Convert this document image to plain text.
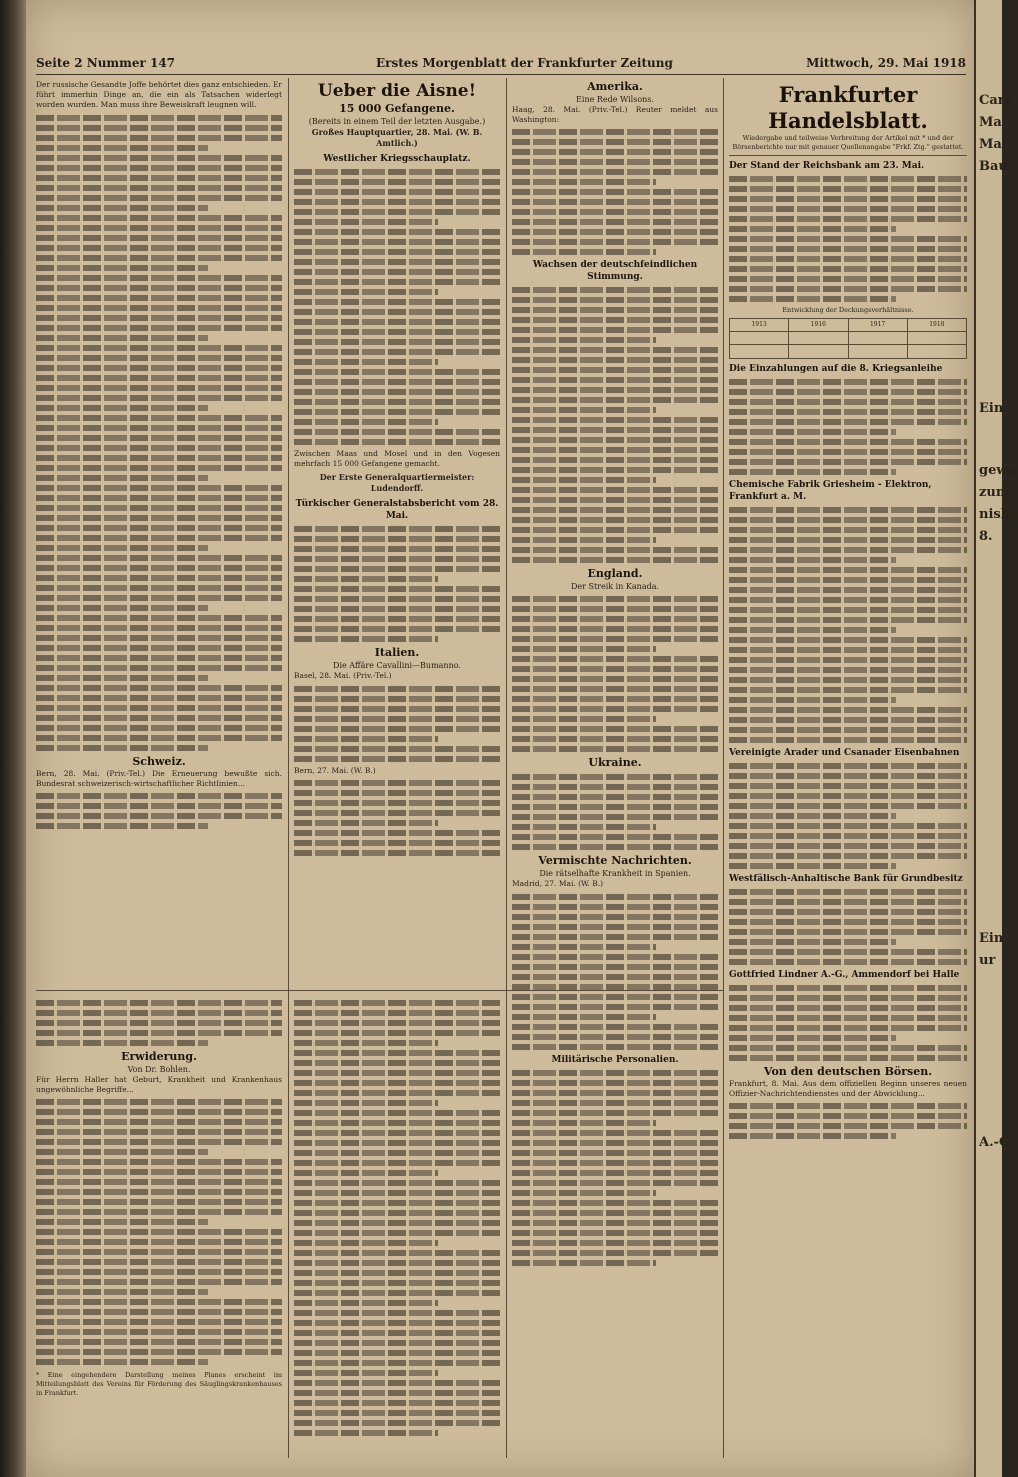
Seite 2 Nummer 147	Erstes Morgenblatt der Frankfurter Zeitung	Mittwoch, 29. Mai 1918
Der russische Gesandte Joffe behörtet dies ganz entschieden. Er führt immerhin Dinge an, die ein als Tatsachen widerlegt worden wurden. Man muss ihre Beweiskraft leugnen will.
Schweiz.
Bern, 28. Mai. (Priv.-Tel.) Die Erneuerung bewußte sich. Bundesrat schweizerisch-wirtschaftlicher Richtlinien...
Erwiderung.
Von Dr. Bohlen.
Für Herrn Haller hat Geburt, Krankheit und Krankenhaus ungewöhnliche Begriffe...
* Eine eingehendere Darstellung meines Planes erscheint im Mitteilungsblatt des Vereins für Förderung des Säuglingskrankenhauses in Frankfurt.
Ueber die Aisne!
15 000 Gefangene.
(Bereits in einem Teil der letzten Ausgabe.)
Großes Hauptquartier, 28. Mai. (W. B. Amtlich.)
Westlicher Kriegsschauplatz.
Zwischen Maas und Mosel und in den Vogesen mehrfach 15 000 Gefangene gemacht.
Der Erste Generalquartiermeister: Ludendorff.
Türkischer Generalstabsbericht vom 28. Mai.
Italien.
Die Affäre Cavallini—Bumanno.
Basel, 28. Mai. (Priv.-Tel.)
Bern, 27. Mai. (W. B.)
Amerika.
Eine Rede Wilsons.
Haag, 28. Mai. (Priv.-Tel.) Reuter meldet aus Washington:
Wachsen der deutschfeindlichen Stimmung.
England.
Der Streik in Kanada.
Ukraine.
Vermischte Nachrichten.
Die rätselhafte Krankheit in Spanien.
Madrid, 27. Mai. (W. B.)
Militärische Personalien.
Frankfurter Handelsblatt.
Wiedergabe und teilweise Verbreitung der Artikel mit * und der Börsenberichte nur mit genauer Quellenangabe "Frkf. Ztg." gestattet.
Der Stand der Reichsbank am 23. Mai.
Entwicklung der Deckungsverhältnisse.
1913	1916	1917	1918

Die Einzahlungen auf die 8. Kriegsanleihe
Chemische Fabrik Griesheim - Elektron, Frankfurt a. M.
Vereinigte Arader und Csanader Eisenbahnen
Westfälisch-Anhaltische Bank für Grundbesitz
Gottfried Lindner A.-G., Ammendorf bei Halle
Von den deutschen Börsen.
Frankfurt, 8. Mai. Aus dem offiziellen Beginn unseres neuen Offizier-Nachrichtendienstes und der Abwicklung...
Caro
Ma
Mai
Bau
Ein
gewa
zum
nisbe
8.
Ein
ur
A.-G.
